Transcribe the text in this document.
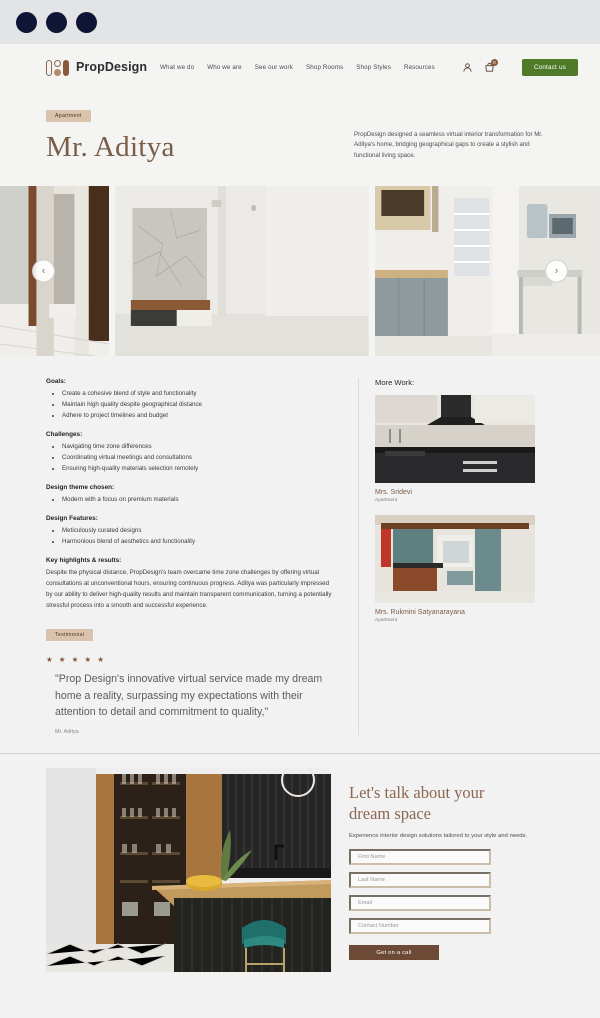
PropDesign What we do Who we are See our work Shop Rooms Shop Styles Resources
0
Contact us
Apartment
Mr. Aditya	PropDesign designed a seamless virtual interior transformation for Mr. Aditya's home, bridging geographical gaps to create a stylish and functional living space.

‹	›
Goals:
• Create a cohesive blend of style and functionality
• Maintain high quality despite geographical distance
• Adhere to project timelines and budget
Challenges:
• Navigating time zone differences
• Coordinating virtual meetings and consultations
• Ensuring high-quality materials selection remotely
Design theme chosen:
• Modern with a focus on premium materials
Design Features:
• Meticulously curated designs
• Harmonious blend of aesthetics and functionality
Key highlights & results:

Despite the physical distance, PropDesign's team overcame time zone challenges by offering virtual consultations at unconventional hours, ensuring continuous progress. Aditya was particularly impressed by our ability to deliver high-quality results and maintain transparent communication, turning a potentially stressful process into a smooth and successful experience.

Testimonial
★ ★ ★ ★ ★
"Prop Design's innovative virtual service made my dream home a reality, surpassing my expectations with their attention to detail and commitment to quality,"
Mr. Aditya
More Work:
Mrs. Sridevi
Apartment
Mrs. Rukmini Satyanarayana
Apartment
Let's talk about your
dream space
Experience interior design solutions tailored to your style and needs.
First Name
Last Name
Email
Contact Number Get on a call
